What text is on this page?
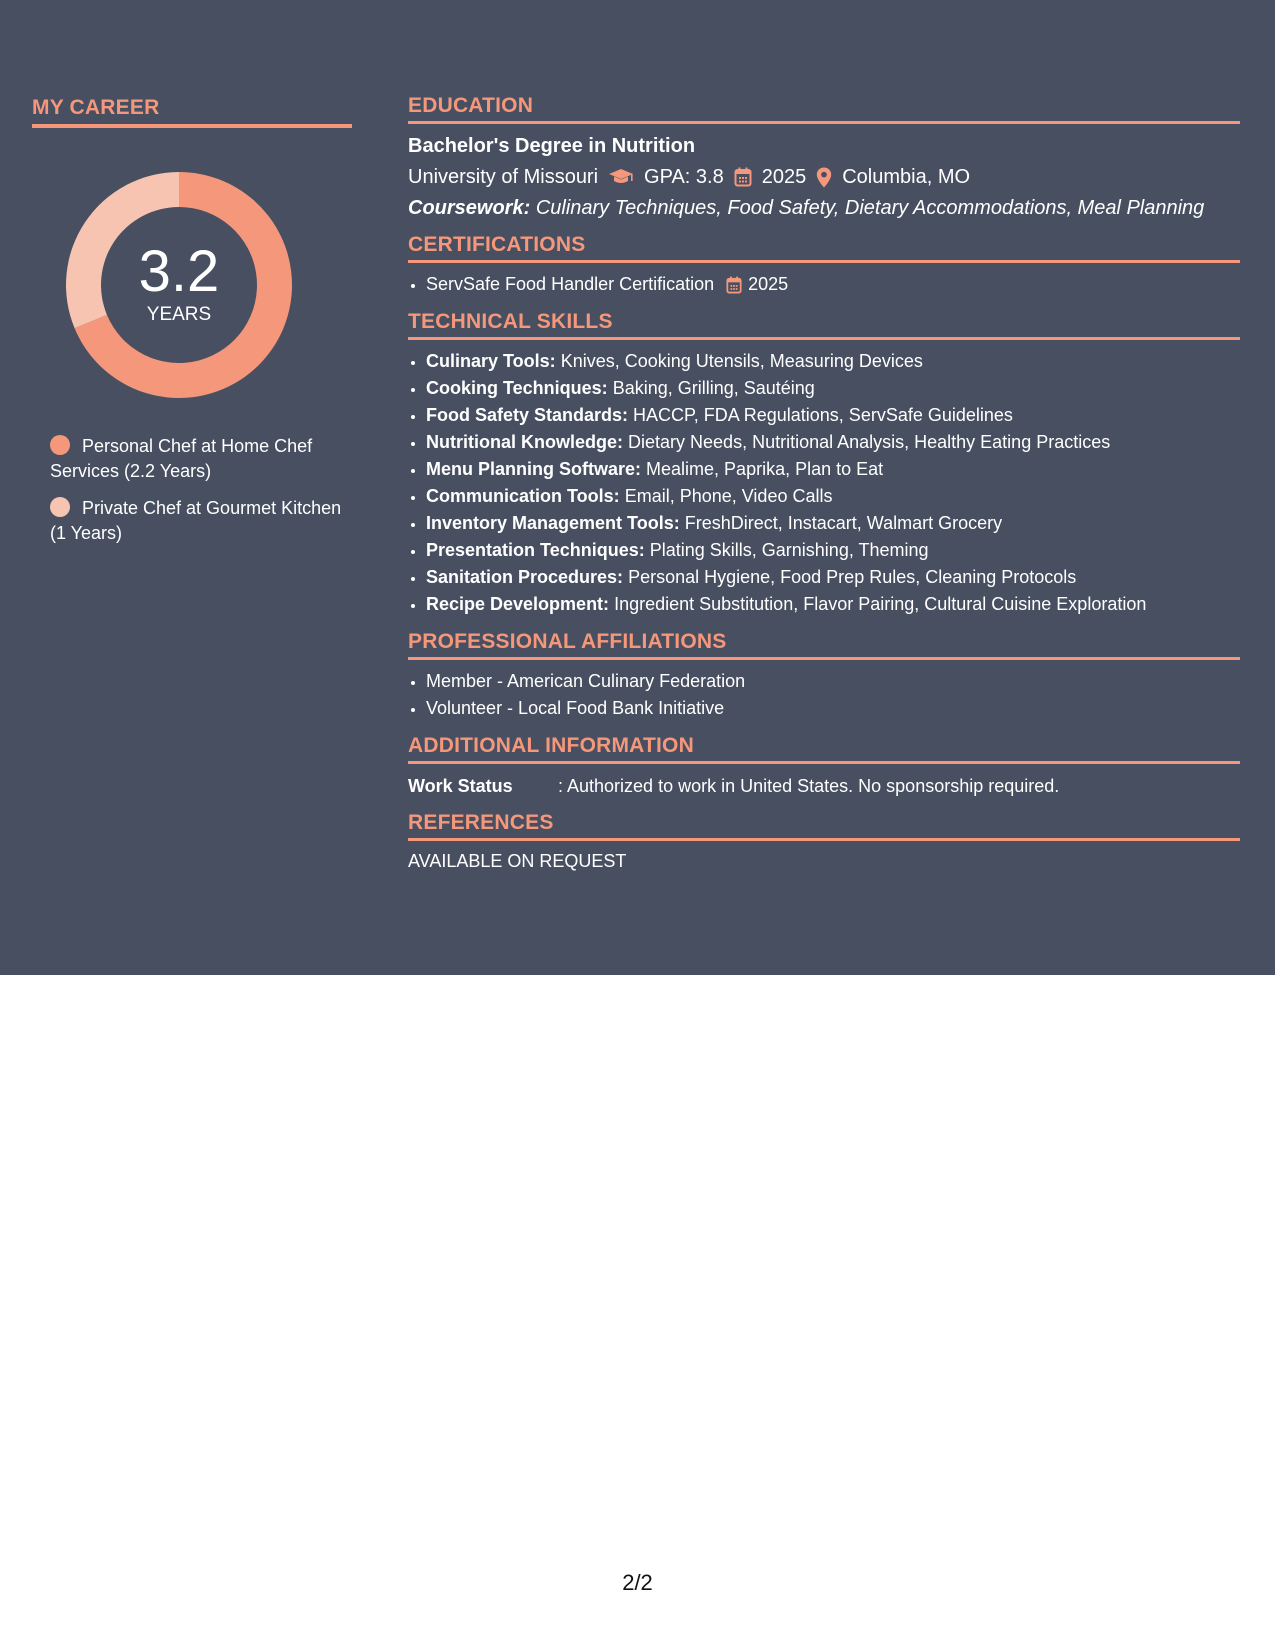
MY CAREER
3.2
YEARS
Personal Chef at Home Chef Services (2.2 Years)
Private Chef at Gourmet Kitchen (1 Years)
EDUCATION
Bachelor's Degree in Nutrition
University of Missouri GPA: 3.8 2025 Columbia, MO
Coursework: Culinary Techniques, Food Safety, Dietary Accommodations, Meal Planning
CERTIFICATIONS
• ServSafe Food Handler Certification 2025
TECHNICAL SKILLS
• Culinary Tools: Knives, Cooking Utensils, Measuring Devices
• Cooking Techniques: Baking, Grilling, Sautéing
• Food Safety Standards: HACCP, FDA Regulations, ServSafe Guidelines
• Nutritional Knowledge: Dietary Needs, Nutritional Analysis, Healthy Eating Practices
• Menu Planning Software: Mealime, Paprika, Plan to Eat
• Communication Tools: Email, Phone, Video Calls
• Inventory Management Tools: FreshDirect, Instacart, Walmart Grocery
• Presentation Techniques: Plating Skills, Garnishing, Theming
• Sanitation Procedures: Personal Hygiene, Food Prep Rules, Cleaning Protocols
• Recipe Development: Ingredient Substitution, Flavor Pairing, Cultural Cuisine Exploration
PROFESSIONAL AFFILIATIONS
• Member - American Culinary Federation
• Volunteer - Local Food Bank Initiative
ADDITIONAL INFORMATION
Work Status	: Authorized to work in United States. No sponsorship required.
REFERENCES
AVAILABLE ON REQUEST
2/2
